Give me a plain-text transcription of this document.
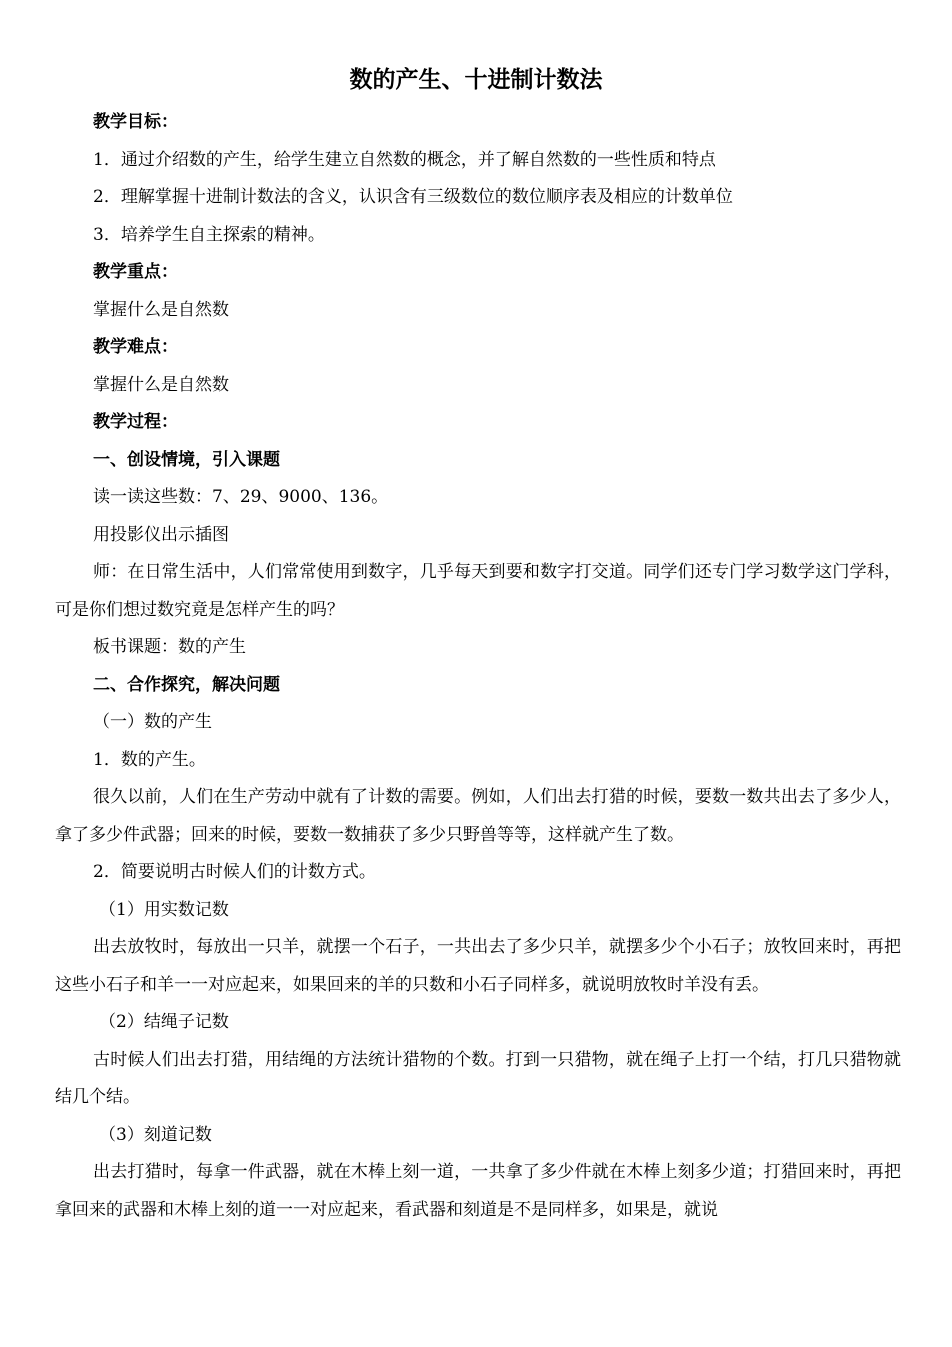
数的产生、十进制计数法

教学目标：

1．通过介绍数的产生，给学生建立自然数的概念，并了解自然数的一些性质和特点

2．理解掌握十进制计数法的含义，认识含有三级数位的数位顺序表及相应的计数单位

3．培养学生自主探索的精神。

教学重点：

掌握什么是自然数

教学难点：

掌握什么是自然数

教学过程：

一、创设情境，引入课题

读一读这些数：7、29、9000、136。

用投影仪出示插图

师：在日常生活中，人们常常使用到数字，几乎每天到要和数字打交道。同学们还专门学习数学这门学科，可是你们想过数究竟是怎样产生的吗？

板书课题：数的产生

二、合作探究，解决问题

（一）数的产生

1．数的产生。

很久以前，人们在生产劳动中就有了计数的需要。例如，人们出去打猎的时候，要数一数共出去了多少人，拿了多少件武器；回来的时候，要数一数捕获了多少只野兽等等，这样就产生了数。

2．简要说明古时候人们的计数方式。

（1）用实数记数

出去放牧时，每放出一只羊，就摆一个石子，一共出去了多少只羊，就摆多少个小石子；放牧回来时，再把这些小石子和羊一一对应起来，如果回来的羊的只数和小石子同样多，就说明放牧时羊没有丢。

（2）结绳子记数

古时候人们出去打猎，用结绳的方法统计猎物的个数。打到一只猎物，就在绳子上打一个结，打几只猎物就结几个结。

（3）刻道记数

出去打猎时，每拿一件武器，就在木棒上刻一道，一共拿了多少件就在木棒上刻多少道；打猎回来时，再把拿回来的武器和木棒上刻的道一一对应起来，看武器和刻道是不是同样多，如果是，就说
